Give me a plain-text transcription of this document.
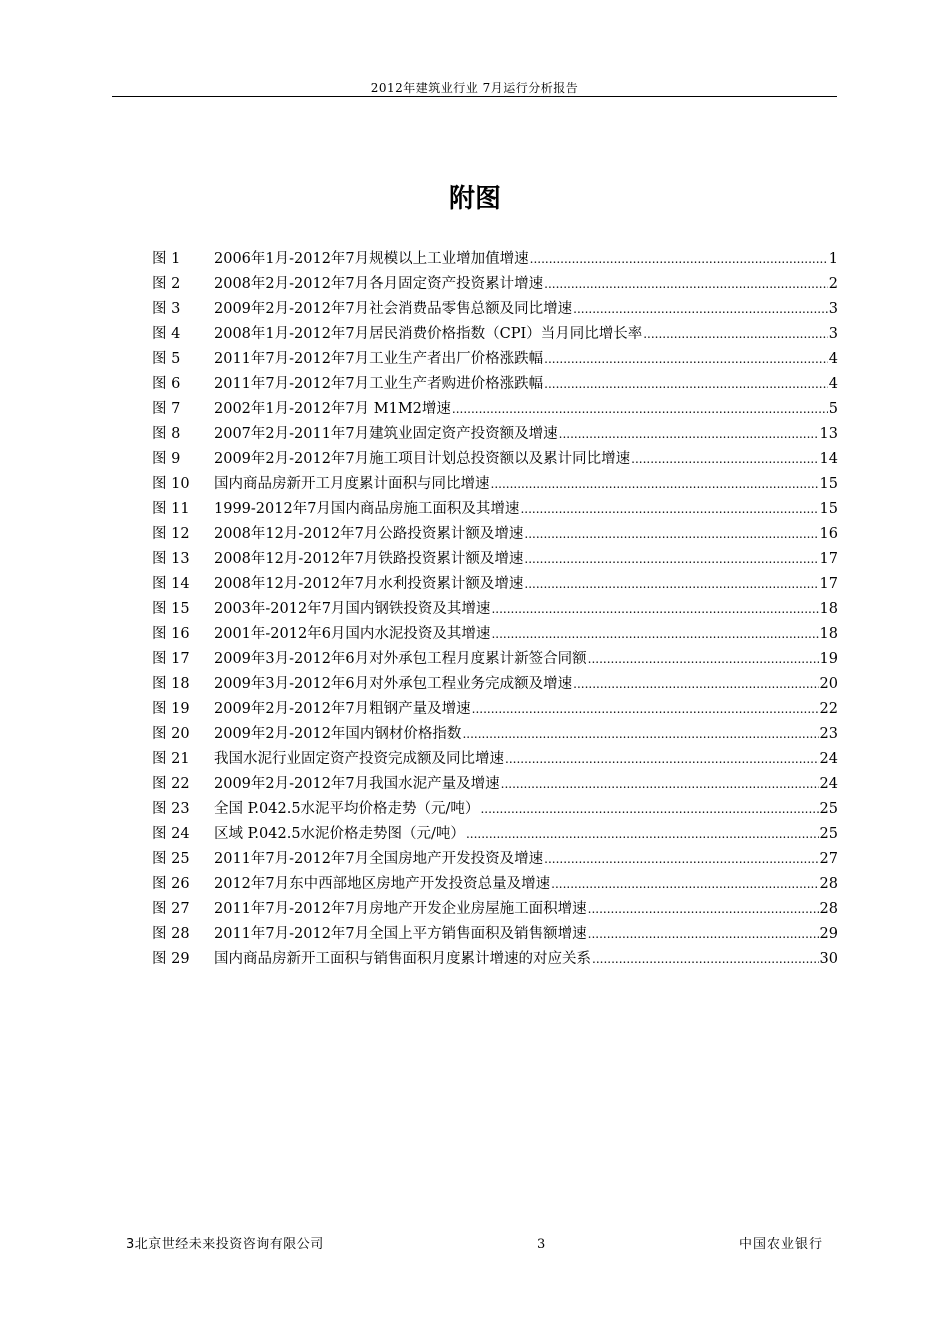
2012年建筑业行业 7月运行分析报告
附图
图 1	2006年1月-2012年7月规模以上工业增加值增速 .....	1
图 2	2008年2月-2012年7月各月固定资产投资累计增速 .....	2
图 3	2009年2月-2012年7月社会消费品零售总额及同比增速 .....	3
图 4	2008年1月-2012年7月居民消费价格指数（CPI）当月同比增长率 .....	3
图 5	2011年7月-2012年7月工业生产者出厂价格涨跌幅 .....	4
图 6	2011年7月-2012年7月工业生产者购进价格涨跌幅 .....	4
图 7	2002年1月-2012年7月 M1M2增速 .....	5
图 8	2007年2月-2011年7月建筑业固定资产投资额及增速 .....	13
图 9	2009年2月-2012年7月施工项目计划总投资额以及累计同比增速 .....	14
图 10	国内商品房新开工月度累计面积与同比增速 .....	15
图 11	1999-2012年7月国内商品房施工面积及其增速 .....	15
图 12	2008年12月-2012年7月公路投资累计额及增速 .....	16
图 13	2008年12月-2012年7月铁路投资累计额及增速 .....	17
图 14	2008年12月-2012年7月水利投资累计额及增速 .....	17
图 15	2003年-2012年7月国内钢铁投资及其增速 .....	18
图 16	2001年-2012年6月国内水泥投资及其增速 .....	18
图 17	2009年3月-2012年6月对外承包工程月度累计新签合同额 .....	19
图 18	2009年3月-2012年6月对外承包工程业务完成额及增速 .....	20
图 19	2009年2月-2012年7月粗钢产量及增速 .....	22
图 20	2009年2月-2012年国内钢材价格指数 .....	23
图 21	我国水泥行业固定资产投资完成额及同比增速 .....	24
图 22	2009年2月-2012年7月我国水泥产量及增速 .....	24
图 23	全国 P.042.5水泥平均价格走势（元/吨） .....	25
图 24	区域 P.042.5水泥价格走势图（元/吨） .....	25
图 25	2011年7月-2012年7月全国房地产开发投资及增速 .....	27
图 26	2012年7月东中西部地区房地产开发投资总量及增速 .....	28
图 27	2011年7月-2012年7月房地产开发企业房屋施工面积增速 .....	28
图 28	2011年7月-2012年7月全国上平方销售面积及销售额增速 .....	29
图 29	国内商品房新开工面积与销售面积月度累计增速的对应关系 .....	30
3北京世经未来投资咨询有限公司	3	中国农业银行
